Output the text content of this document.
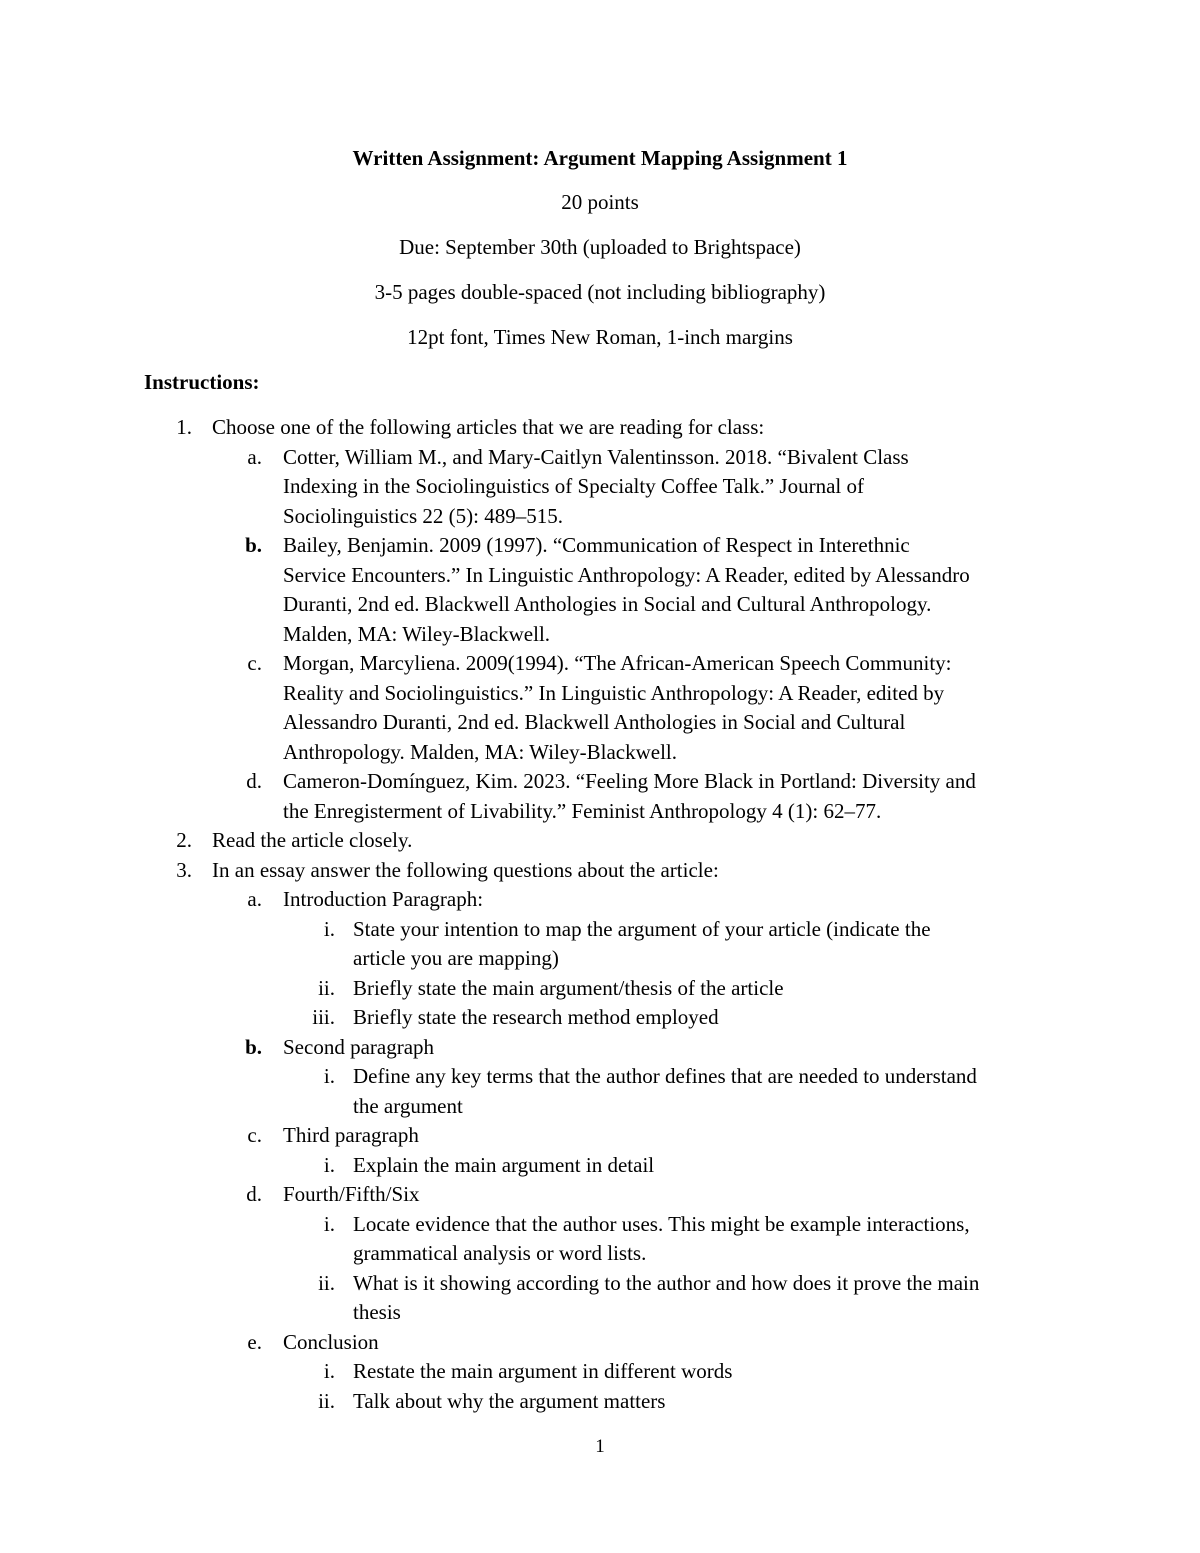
Written Assignment: Argument Mapping Assignment 1

20 points

Due: September 30th (uploaded to Brightspace)

3-5 pages double-spaced (not including bibliography)

12pt font, Times New Roman, 1-inch margins

Instructions:

1. Choose one of the following articles that we are reading for class:
a. Cotter, William M., and Mary-Caitlyn Valentinsson. 2018. “Bivalent Class
Indexing in the Sociolinguistics of Specialty Coffee Talk.” Journal of
Sociolinguistics 22 (5): 489–515.
b. Bailey, Benjamin. 2009 (1997). “Communication of Respect in Interethnic
Service Encounters.” In Linguistic Anthropology: A Reader, edited by Alessandro
Duranti, 2nd ed. Blackwell Anthologies in Social and Cultural Anthropology.
Malden, MA: Wiley-Blackwell.
c. Morgan, Marcyliena. 2009(1994). “The African-American Speech Community:
Reality and Sociolinguistics.” In Linguistic Anthropology: A Reader, edited by
Alessandro Duranti, 2nd ed. Blackwell Anthologies in Social and Cultural
Anthropology. Malden, MA: Wiley-Blackwell.
d. Cameron-Domínguez, Kim. 2023. “Feeling More Black in Portland: Diversity and
the Enregisterment of Livability.” Feminist Anthropology 4 (1): 62–77.
2. Read the article closely.
3. In an essay answer the following questions about the article:
a. Introduction Paragraph:
i. State your intention to map the argument of your article (indicate the
article you are mapping)
ii. Briefly state the main argument/thesis of the article
iii. Briefly state the research method employed
b. Second paragraph
i. Define any key terms that the author defines that are needed to understand
the argument
c. Third paragraph
i. Explain the main argument in detail
d. Fourth/Fifth/Six
i. Locate evidence that the author uses. This might be example interactions,
grammatical analysis or word lists.
ii. What is it showing according to the author and how does it prove the main
thesis
e. Conclusion
i. Restate the main argument in different words
ii. Talk about why the argument matters
1
